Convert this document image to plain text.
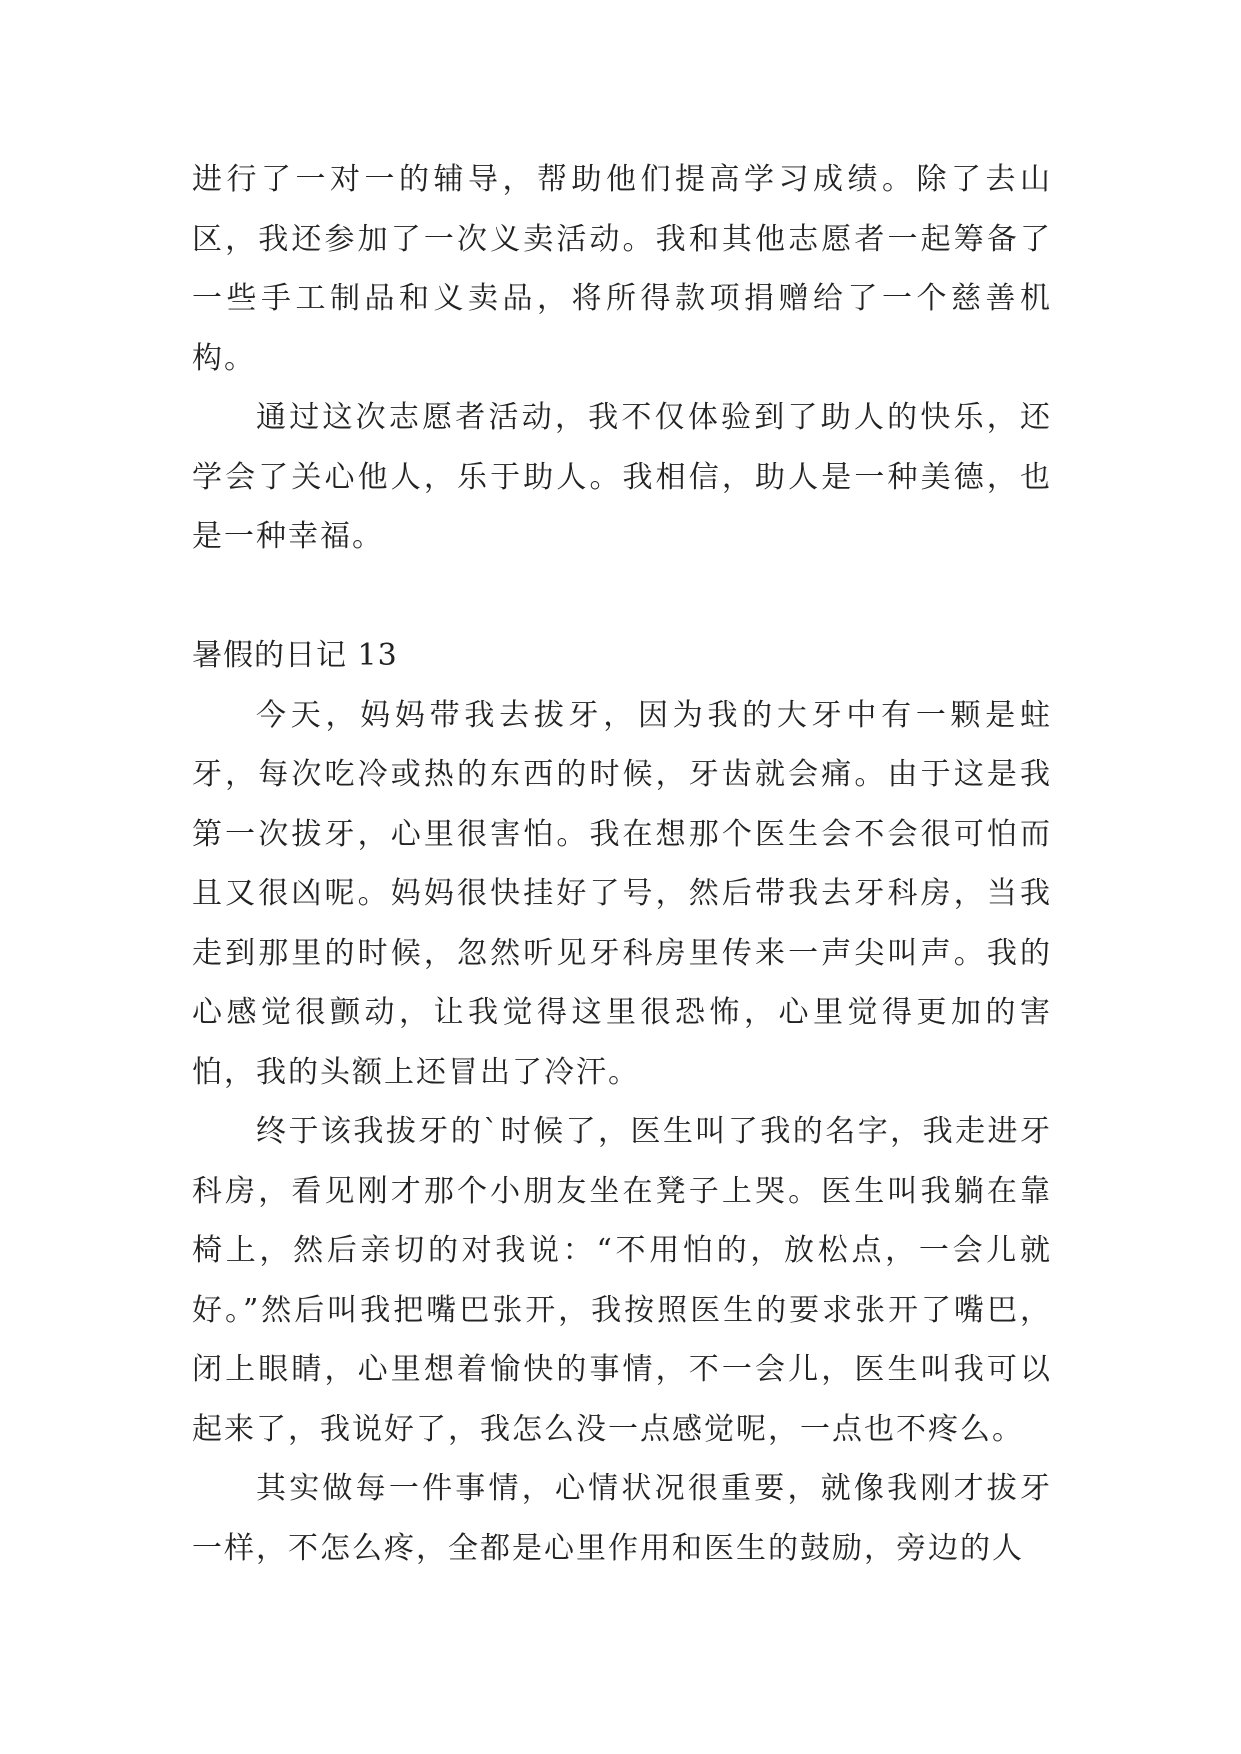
进行了一对一的辅导，帮助他们提高学习成绩。除了去山区，我还参加了一次义卖活动。我和其他志愿者一起筹备了一些手工制品和义卖品，将所得款项捐赠给了一个慈善机构。

通过这次志愿者活动，我不仅体验到了助人的快乐，还学会了关心他人，乐于助人。我相信，助人是一种美德，也是一种幸福。

暑假的日记 13

今天，妈妈带我去拔牙，因为我的大牙中有一颗是蛀牙，每次吃冷或热的东西的时候，牙齿就会痛。由于这是我第一次拔牙，心里很害怕。我在想那个医生会不会很可怕而且又很凶呢。妈妈很快挂好了号，然后带我去牙科房，当我走到那里的时候，忽然听见牙科房里传来一声尖叫声。我的心感觉很颤动，让我觉得这里很恐怖，心里觉得更加的害怕，我的头额上还冒出了冷汗。

终于该我拔牙的`时候了，医生叫了我的名字，我走进牙科房，看见刚才那个小朋友坐在凳子上哭。医生叫我躺在靠椅上，然后亲切的对我说：“不用怕的，放松点，一会儿就好。”然后叫我把嘴巴张开，我按照医生的要求张开了嘴巴，闭上眼睛，心里想着愉快的事情，不一会儿，医生叫我可以起来了，我说好了，我怎么没一点感觉呢，一点也不疼么。

其实做每一件事情，心情状况很重要，就像我刚才拔牙一样，不怎么疼，全都是心里作用和医生的鼓励，旁边的人
